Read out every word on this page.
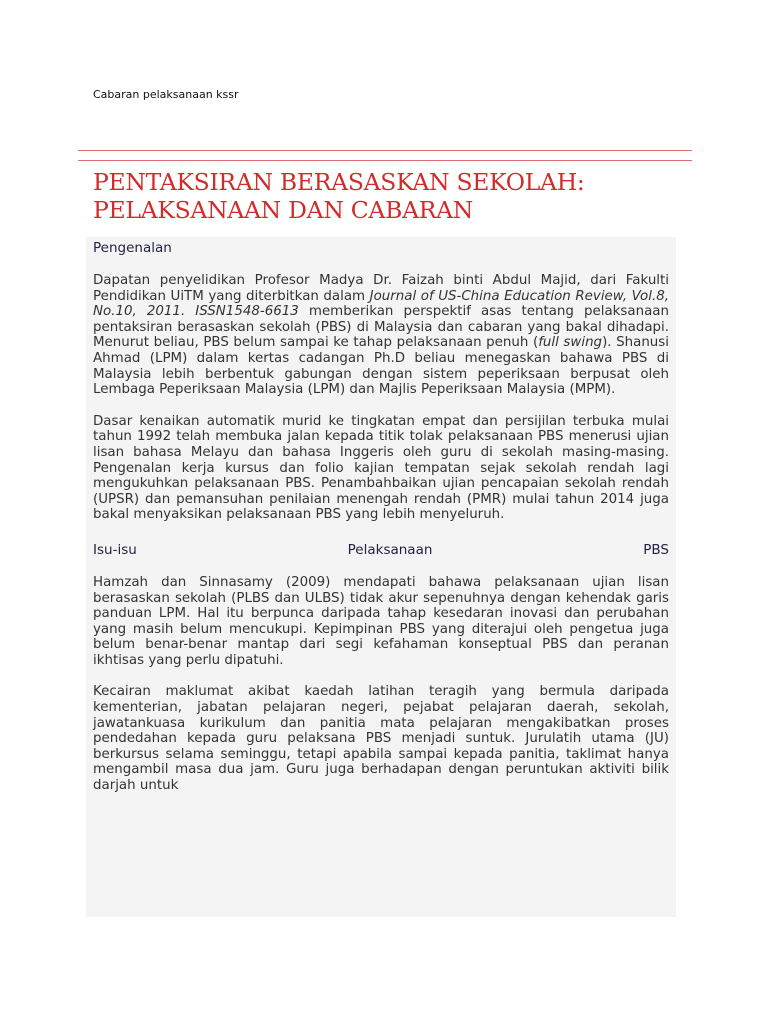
Cabaran pelaksanaan kssr
PENTAKSIRAN BERASASKAN SEKOLAH:
PELAKSANAAN DAN CABARAN
Pengenalan

Dapatan penyelidikan Profesor Madya Dr. Faizah binti Abdul Majid, dari Fakulti Pendidikan UiTM yang diterbitkan dalam Journal of US-China Education Review, Vol.8, No.10, 2011. ISSN1548-6613 memberikan perspektif asas tentang pelaksanaan pentaksiran berasaskan sekolah (PBS) di Malaysia dan cabaran yang bakal dihadapi. Menurut beliau, PBS belum sampai ke tahap pelaksanaan penuh (full swing). Shanusi Ahmad (LPM) dalam kertas cadangan Ph.D beliau menegaskan bahawa PBS di Malaysia lebih berbentuk gabungan dengan sistem peperiksaan berpusat oleh Lembaga Peperiksaan Malaysia (LPM) dan Majlis Peperiksaan Malaysia (MPM).

Dasar kenaikan automatik murid ke tingkatan empat dan persijilan terbuka mulai tahun 1992 telah membuka jalan kepada titik tolak pelaksanaan PBS menerusi ujian lisan bahasa Melayu dan bahasa Inggeris oleh guru di sekolah masing-masing. Pengenalan kerja kursus dan folio kajian tempatan sejak sekolah rendah lagi mengukuhkan pelaksanaan PBS. Penambahbaikan ujian pencapaian sekolah rendah (UPSR) dan pemansuhan penilaian menengah rendah (PMR) mulai tahun 2014 juga bakal menyaksikan pelaksanaan PBS yang lebih menyeluruh.

Isu-isu	Pelaksanaan	PBS

Hamzah dan Sinnasamy (2009) mendapati bahawa pelaksanaan ujian lisan berasaskan sekolah (PLBS dan ULBS) tidak akur sepenuhnya dengan kehendak garis panduan LPM. Hal itu berpunca daripada tahap kesedaran inovasi dan perubahan yang masih belum mencukupi. Kepimpinan PBS yang diterajui oleh pengetua juga belum benar-benar mantap dari segi kefahaman konseptual PBS dan peranan ikhtisas yang perlu dipatuhi.

Kecairan maklumat akibat kaedah latihan teragih yang bermula daripada kementerian, jabatan pelajaran negeri, pejabat pelajaran daerah, sekolah, jawatankuasa kurikulum dan panitia mata pelajaran mengakibatkan proses pendedahan kepada guru pelaksana PBS menjadi suntuk. Jurulatih utama (JU) berkursus selama seminggu, tetapi apabila sampai kepada panitia, taklimat hanya mengambil masa dua jam. Guru juga berhadapan dengan peruntukan aktiviti bilik darjah untuk
